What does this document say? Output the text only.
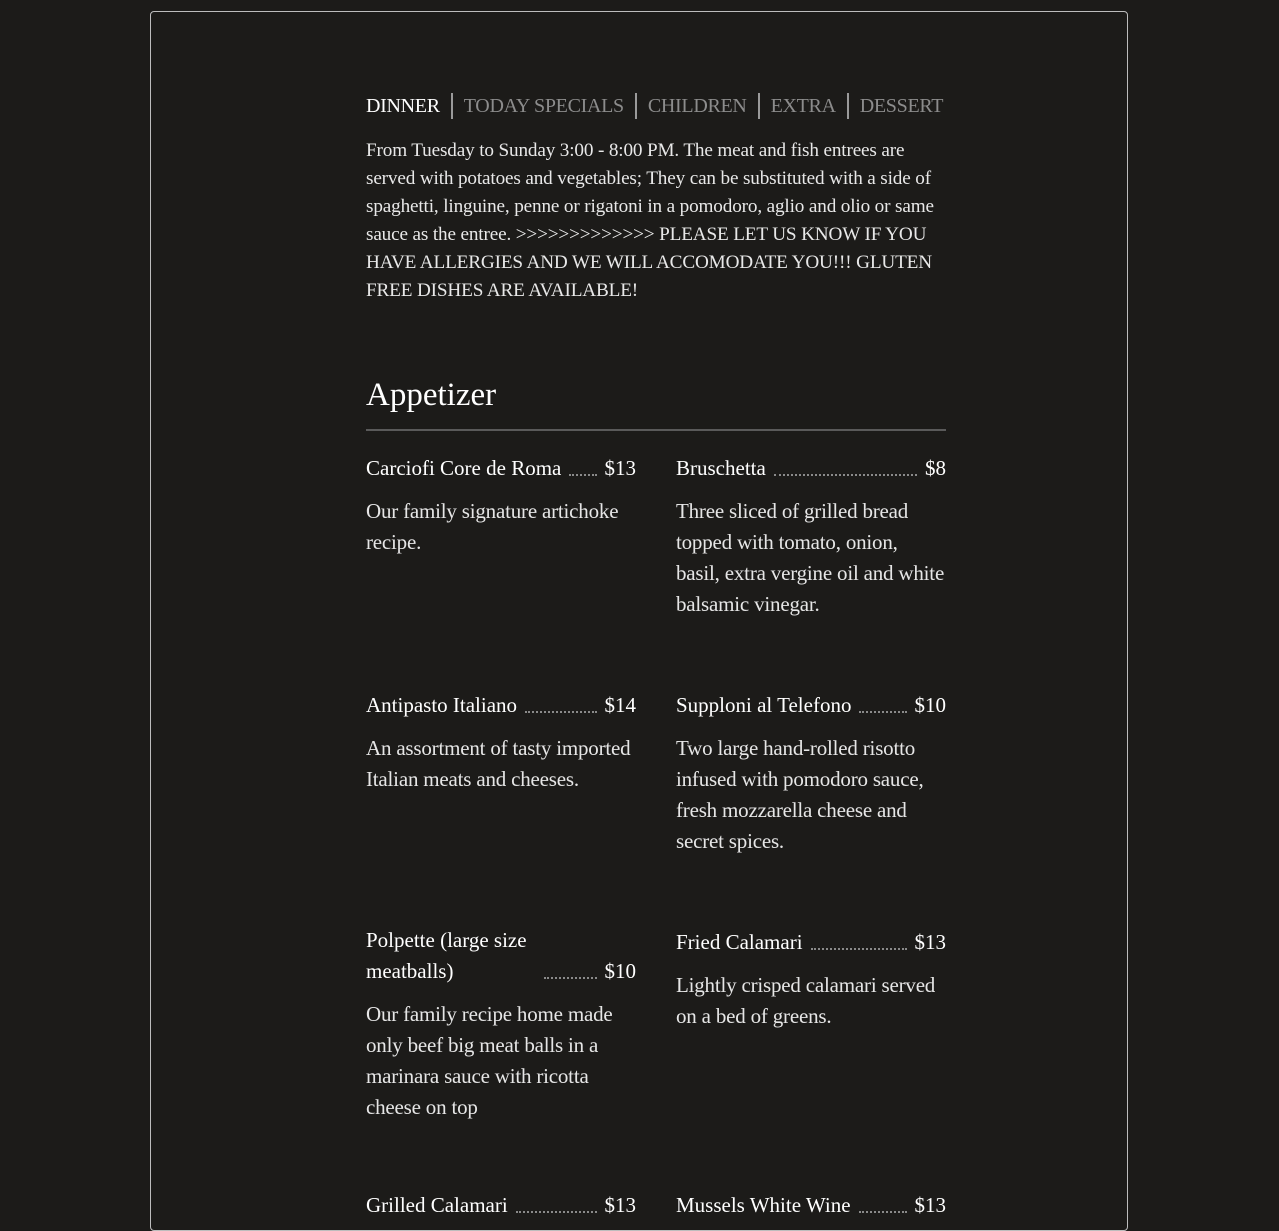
DINNER TODAY SPECIALS CHILDREN EXTRA DESSERT
From Tuesday to Sunday 3:00 - 8:00 PM. The meat and fish entrees are served with potatoes and vegetables; They can be substituted with a side of spaghetti, linguine, penne or rigatoni in a pomodoro, aglio and olio or same sauce as the entree. >>>>>>>>>>>>> PLEASE LET US KNOW IF YOU HAVE ALLERGIES AND WE WILL ACCOMODATE YOU!!! GLUTEN FREE DISHES ARE AVAILABLE!
Appetizer
Carciofi Core de Roma $13
Our family signature artichoke recipe.
Bruschetta	$8
Three sliced of grilled bread topped with tomato, onion, basil, extra vergine oil and white balsamic vinegar.
Antipasto Italiano	$14
An assortment of tasty imported Italian meats and cheeses.
Supploni al Telefono	$10
Two large hand-rolled risotto infused with pomodoro sauce, fresh mozzarella cheese and secret spices.
Polpette (large size meatballs)	$10
Our family recipe home made only beef big meat balls in a marinara sauce with ricotta cheese on top
Fried Calamari	$13
Lightly crisped calamari served on a bed of greens.
Grilled Calamari	$13 Mussels White Wine	$13
